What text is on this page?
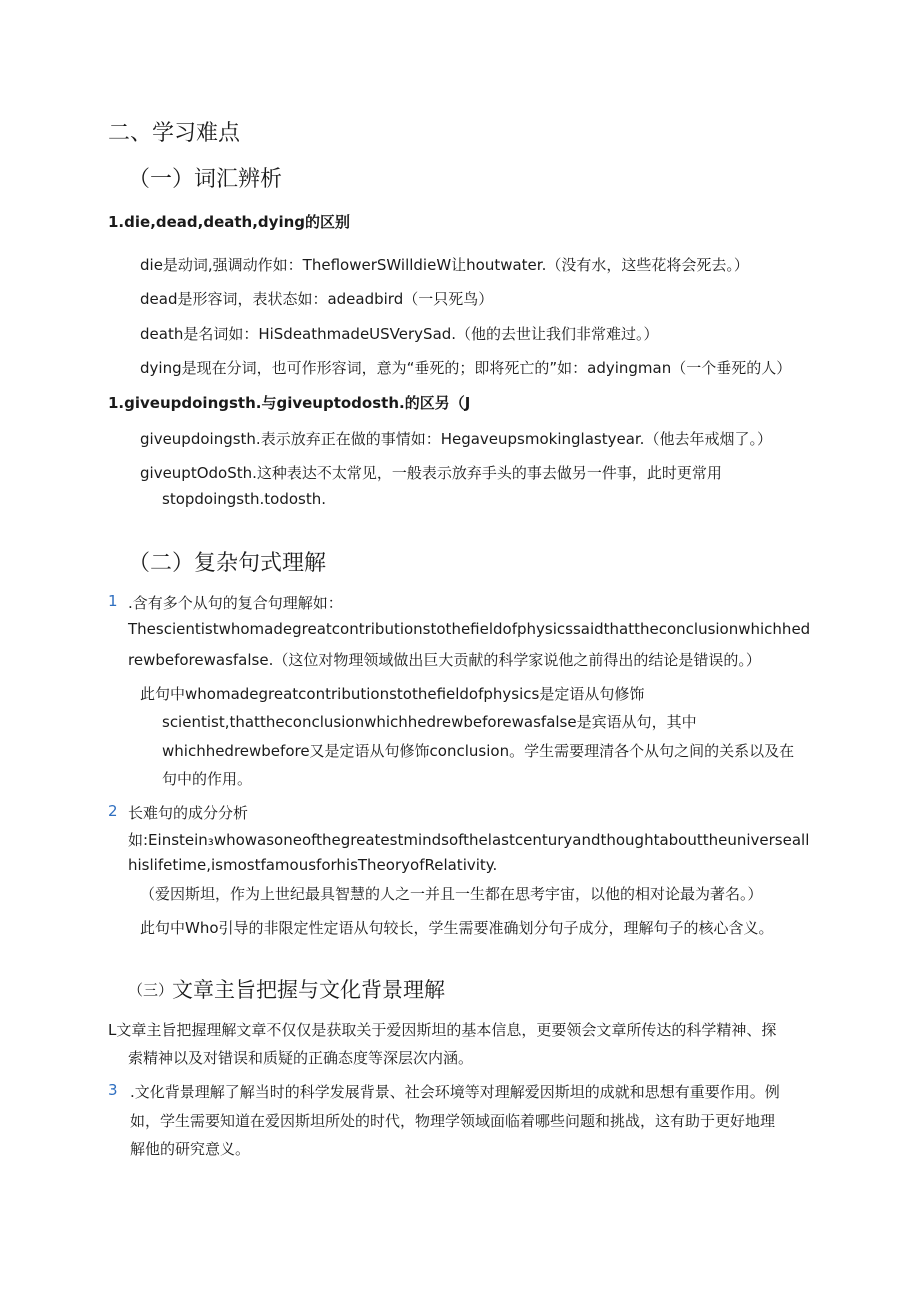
二、学习难点
（一）词汇辨析
1.die,dead,death,dying的区别
die是动词,强调动作如：TheflowerSWilldieW让houtwater.（没有水，这些花将会死去。）
dead是形容词，表状态如：adeadbird（一只死鸟）
death是名词如：HiSdeathmadeUSVerySad.（他的去世让我们非常难过。）
dying是现在分词，也可作形容词，意为“垂死的；即将死亡的”如：adyingman（一个垂死的人）
1.giveupdoingsth.与giveuptodosth.的区另（J
giveupdoingsth.表示放弃正在做的事情如：Hegaveupsmokinglastyear.（他去年戒烟了。）
giveuptOdoSth.这种表达不太常见，一般表示放弃手头的事去做另一件事，此时更常用
stopdoingsth.todosth.
（二）复杂句式理解
1 .含有多个从句的复合句理解如：
Thescientistwhomadegreatcontributionstothefieldofphysicssaidthattheconclusionwhichhed
rewbeforewasfalse.（这位对物理领域做出巨大贡献的科学家说他之前得出的结论是错误的。）
此句中whomadegreatcontributionstothefieldofphysics是定语从句修饰
scientist,thattheconclusionwhichhedrewbeforewasfalse是宾语从句，其中
whichhedrewbefore又是定语从句修饰conclusion。学生需要理清各个从句之间的关系以及在
句中的作用。
2 长难句的成分分析
如:Einstein₃whowasoneofthegreatestmindsofthelastcenturyandthoughtabouttheuniverseall
hislifetime,ismostfamousforhisTheoryofRelativity.
（爱因斯坦，作为上世纪最具智慧的人之一并且一生都在思考宇宙，以他的相对论最为著名。）
此句中Who引导的非限定性定语从句较长，学生需要准确划分句子成分，理解句子的核心含义。
（三）
文章主旨把握与文化背景理解
L文章主旨把握理解文章不仅仅是获取关于爱因斯坦的基本信息，更要领会文章所传达的科学精神、探
索精神以及对错误和质疑的正确态度等深层次内涵。
3 .文化背景理解了解当时的科学发展背景、社会环境等对理解爱因斯坦的成就和思想有重要作用。例
如，学生需要知道在爱因斯坦所处的时代，物理学领域面临着哪些问题和挑战，这有助于更好地理
解他的研究意义。
